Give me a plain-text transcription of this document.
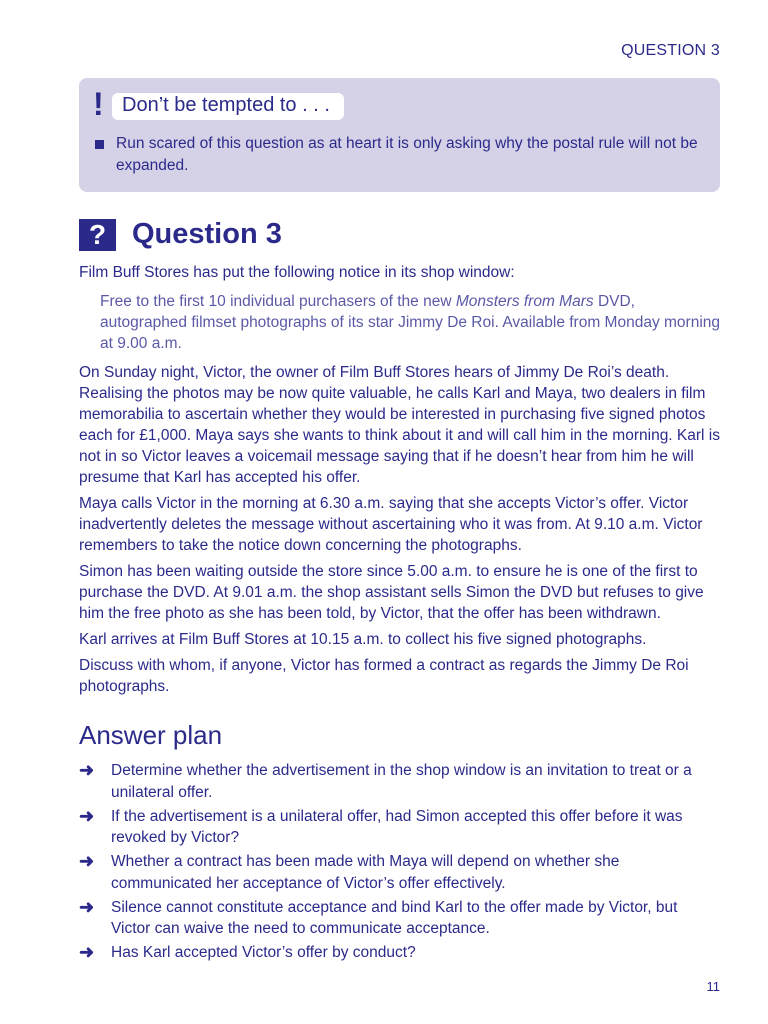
QUESTION 3
! Don’t be tempted to . . .
Run scared of this question as at heart it is only asking why the postal rule will not be expanded.
? Question 3

Film Buff Stores has put the following notice in its shop window:

Free to the first 10 individual purchasers of the new Monsters from Mars DVD, autographed filmset photographs of its star Jimmy De Roi. Available from Monday morning at 9.00 a.m.

On Sunday night, Victor, the owner of Film Buff Stores hears of Jimmy De Roi’s death. Realising the photos may be now quite valuable, he calls Karl and Maya, two dealers in film memorabilia to ascertain whether they would be interested in purchasing five signed photos each for £1,000. Maya says she wants to think about it and will call him in the morning. Karl is not in so Victor leaves a voicemail message saying that if he doesn’t hear from him he will presume that Karl has accepted his offer.

Maya calls Victor in the morning at 6.30 a.m. saying that she accepts Victor’s offer. Victor inadvertently deletes the message without ascertaining who it was from. At 9.10 a.m. Victor remembers to take the notice down concerning the photographs.

Simon has been waiting outside the store since 5.00 a.m. to ensure he is one of the first to purchase the DVD. At 9.01 a.m. the shop assistant sells Simon the DVD but refuses to give him the free photo as she has been told, by Victor, that the offer has been withdrawn.

Karl arrives at Film Buff Stores at 10.15 a.m. to collect his five signed photographs.

Discuss with whom, if anyone, Victor has formed a contract as regards the Jimmy De Roi photographs.

Answer plan
➜	Determine whether the advertisement in the shop window is an invitation to treat or a unilateral offer.
➜	If the advertisement is a unilateral offer, had Simon accepted this offer before it was revoked by Victor?
➜	Whether a contract has been made with Maya will depend on whether she communicated her acceptance of Victor’s offer effectively.
➜	Silence cannot constitute acceptance and bind Karl to the offer made by Victor, but Victor can waive the need to communicate acceptance.
➜	Has Karl accepted Victor’s offer by conduct?
11
